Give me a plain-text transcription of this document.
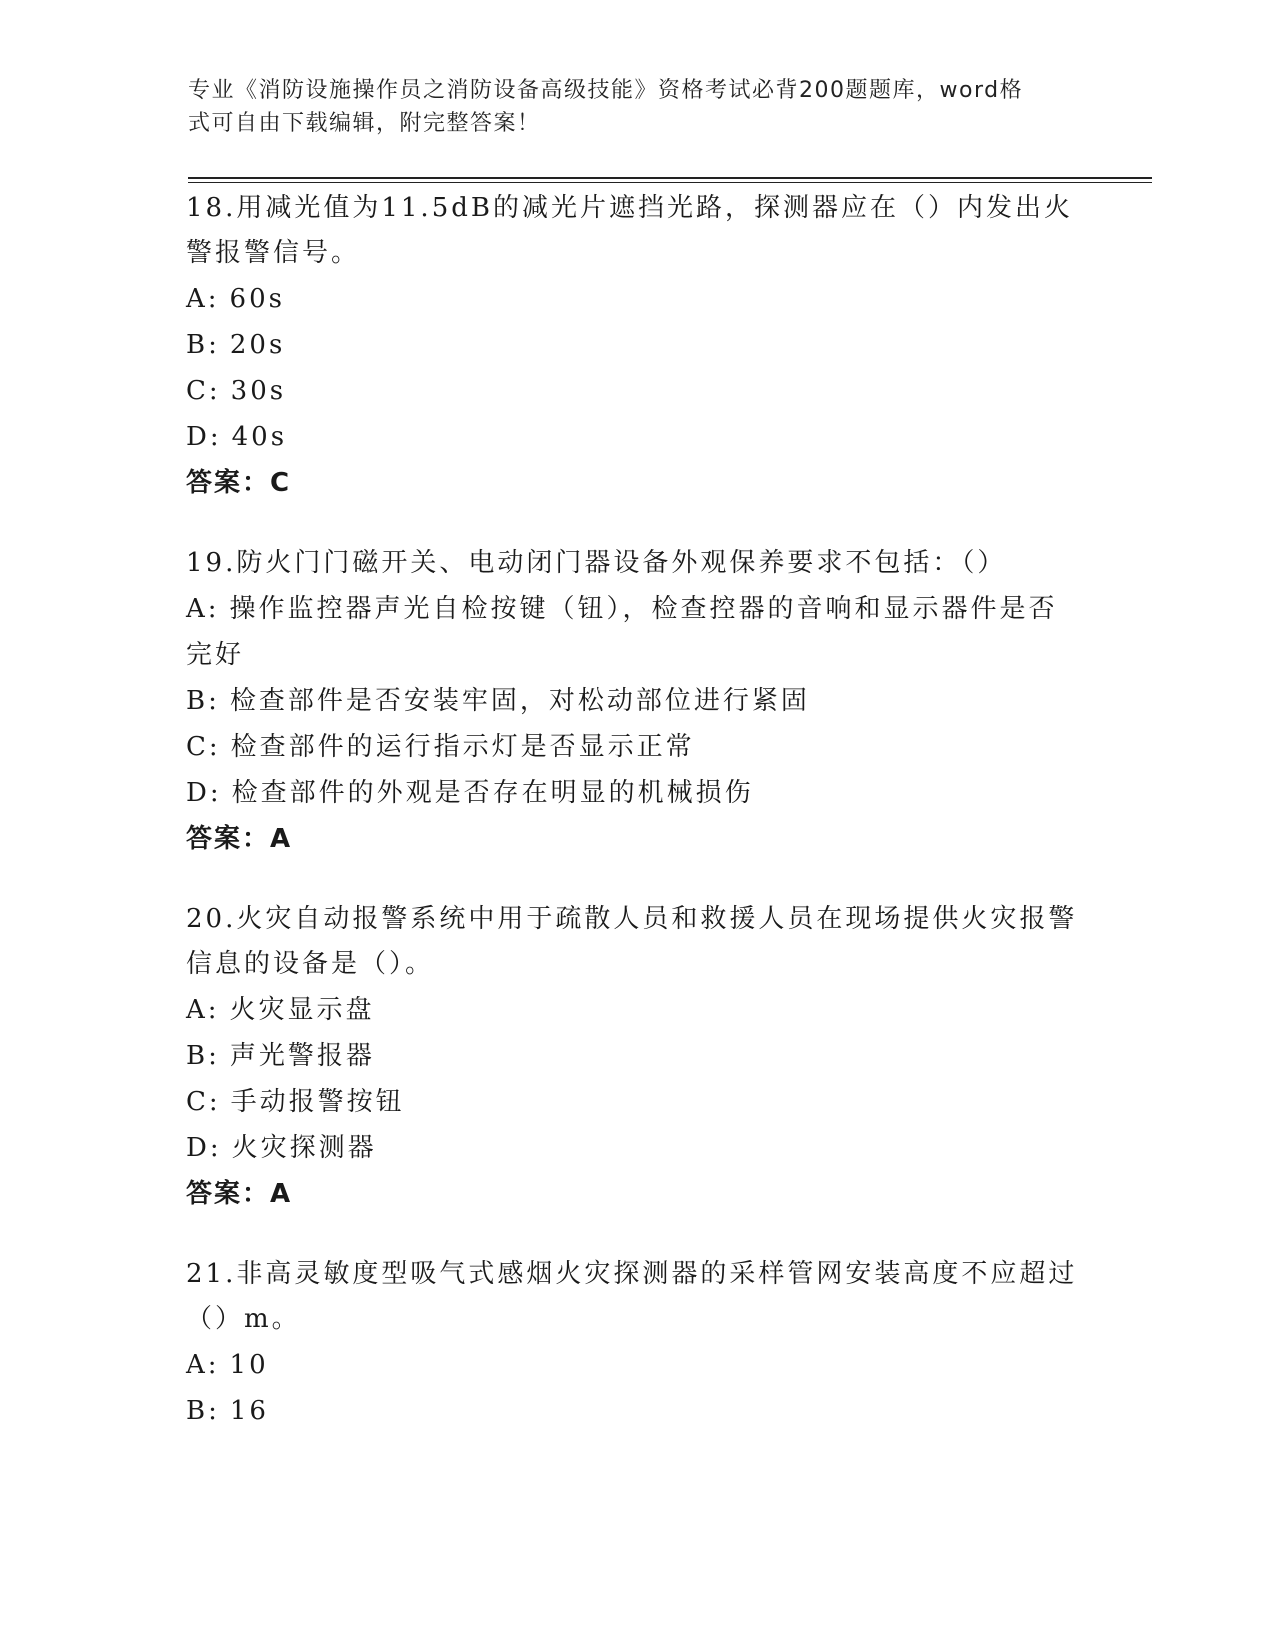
专业《消防设施操作员之消防设备高级技能》资格考试必背200题题库，word格
式可自由下载编辑，附完整答案！
18.用减光值为11.5dB的减光片遮挡光路，探测器应在（）内发出火警报警信号。
A: 60s
B: 20s
C: 30s
D: 40s
答案：C
19.防火门门磁开关、电动闭门器设备外观保养要求不包括：（）
A: 操作监控器声光自检按键（钮），检查控器的音响和显示器件是否完好
B: 检查部件是否安装牢固，对松动部位进行紧固
C: 检查部件的运行指示灯是否显示正常
D: 检查部件的外观是否存在明显的机械损伤
答案：A
20.火灾自动报警系统中用于疏散人员和救援人员在现场提供火灾报警信息的设备是（）。
A: 火灾显示盘
B: 声光警报器
C: 手动报警按钮
D: 火灾探测器
答案：A
21.非高灵敏度型吸气式感烟火灾探测器的采样管网安装高度不应超过（）m。
A: 10
B: 16
